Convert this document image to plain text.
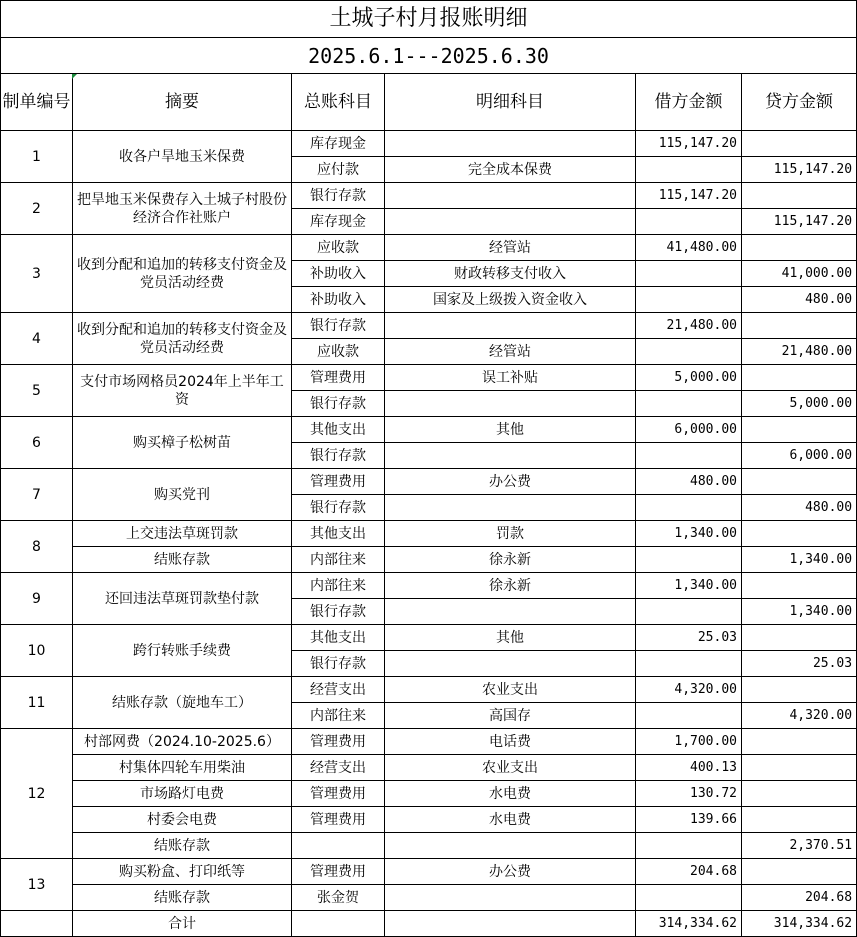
土城子村月报账明细					
2025.6.1---2025.6.30					
制单编号	摘要	总账科目	明细科目	借方金额	贷方金额
1	收各户旱地玉米保费	库存现金		115,147.20	
		应付款	完全成本保费		115,147.20
2	把旱地玉米保费存入土城子村股份经济合作社账户	银行存款		115,147.20	
		库存现金			115,147.20
3	收到分配和追加的转移支付资金及党员活动经费	应收款	经管站	41,480.00	
		补助收入	财政转移支付收入		41,000.00
		补助收入	国家及上级拨入资金收入		480.00
4	收到分配和追加的转移支付资金及党员活动经费	银行存款		21,480.00	
		应收款	经管站		21,480.00
5	支付市场网格员2024年上半年工资	管理费用	误工补贴	5,000.00	
		银行存款			5,000.00
6	购买樟子松树苗	其他支出	其他	6,000.00	
		银行存款			6,000.00
7	购买党刊	管理费用	办公费	480.00	
		银行存款			480.00
8	上交违法草斑罚款	其他支出	罚款	1,340.00	
	结账存款	内部往来	徐永新		1,340.00
9	还回违法草斑罚款垫付款	内部往来	徐永新	1,340.00	
		银行存款			1,340.00
10	跨行转账手续费	其他支出	其他	25.03	
		银行存款			25.03
11	结账存款（旋地车工）	经营支出	农业支出	4,320.00	
		内部往来	高国存		4,320.00
12	村部网费（2024.10-2025.6）	管理费用	电话费	1,700.00	
	村集体四轮车用柴油	经营支出	农业支出	400.13	
	市场路灯电费	管理费用	水电费	130.72	
	村委会电费	管理费用	水电费	139.66	
	结账存款				2,370.51
13	购买粉盒、打印纸等	管理费用	办公费	204.68	
	结账存款	张金贺			204.68
	合计			314,334.62	314,334.62
